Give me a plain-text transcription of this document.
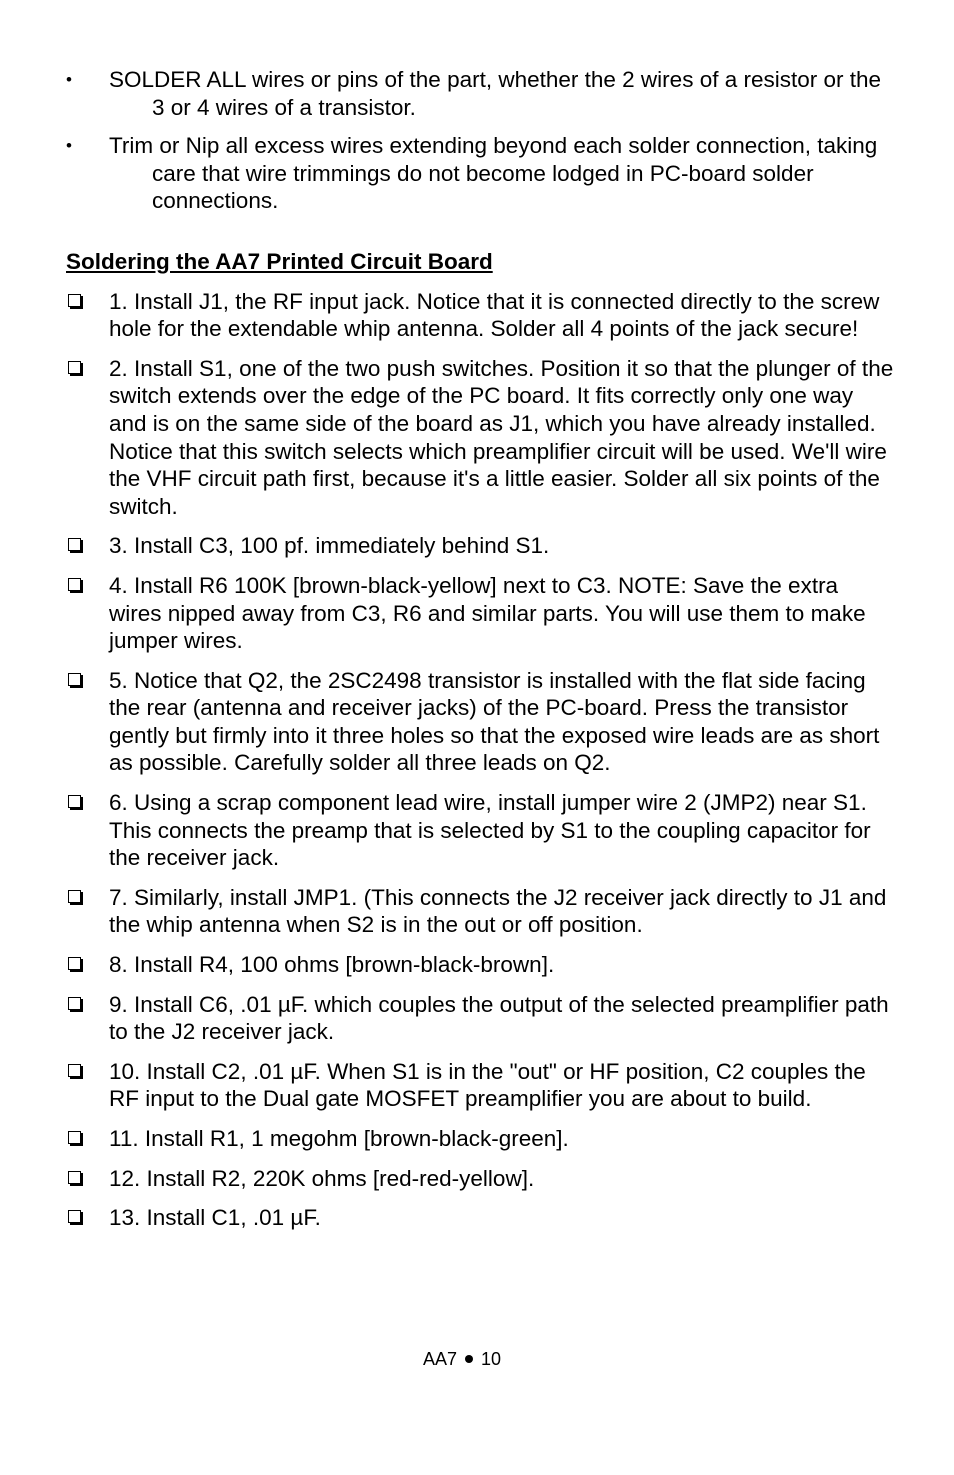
• SOLDER ALL wires or pins of the part, whether the 2 wires of a resistor or the 3 or 4 wires of a transistor.
• Trim or Nip all excess wires extending beyond each solder connection, taking care that wire trimmings do not become lodged in PC-board solder connections.
Soldering the AA7 Printed Circuit Board
1. Install J1, the RF input jack. Notice that it is connected directly to the screw hole for the extendable whip antenna. Solder all 4 points of the jack secure!
2. Install S1, one of the two push switches. Position it so that the plunger of the switch extends over the edge of the PC board. It fits correctly only one way and is on the same side of the board as J1, which you have already installed. Notice that this switch selects which preamplifier circuit will be used. We'll wire the VHF circuit path first, because it's a little easier. Solder all six points of the switch.
3. Install C3, 100 pf. immediately behind S1.
4. Install R6 100K [brown-black-yellow] next to C3. NOTE: Save the extra wires nipped away from C3, R6 and similar parts. You will use them to make jumper wires.
5. Notice that Q2, the 2SC2498 transistor is installed with the flat side facing the rear (antenna and receiver jacks) of the PC-board. Press the transistor gently but firmly into it three holes so that the exposed wire leads are as short as possible. Carefully solder all three leads on Q2.
6. Using a scrap component lead wire, install jumper wire 2 (JMP2) near S1. This connects the preamp that is selected by S1 to the coupling capacitor for the receiver jack.
7. Similarly, install JMP1. (This connects the J2 receiver jack directly to J1 and the whip antenna when S2 is in the out or off position.
8. Install R4, 100 ohms [brown-black-brown].
9. Install C6, .01 µF. which couples the output of the selected preamplifier path to the J2 receiver jack.
10. Install C2, .01 µF. When S1 is in the "out" or HF position, C2 couples the RF input to the Dual gate MOSFET preamplifier you are about to build.
11. Install R1, 1 megohm [brown-black-green].
12. Install R2, 220K ohms [red-red-yellow].
13. Install C1, .01 µF.
AA7 10
